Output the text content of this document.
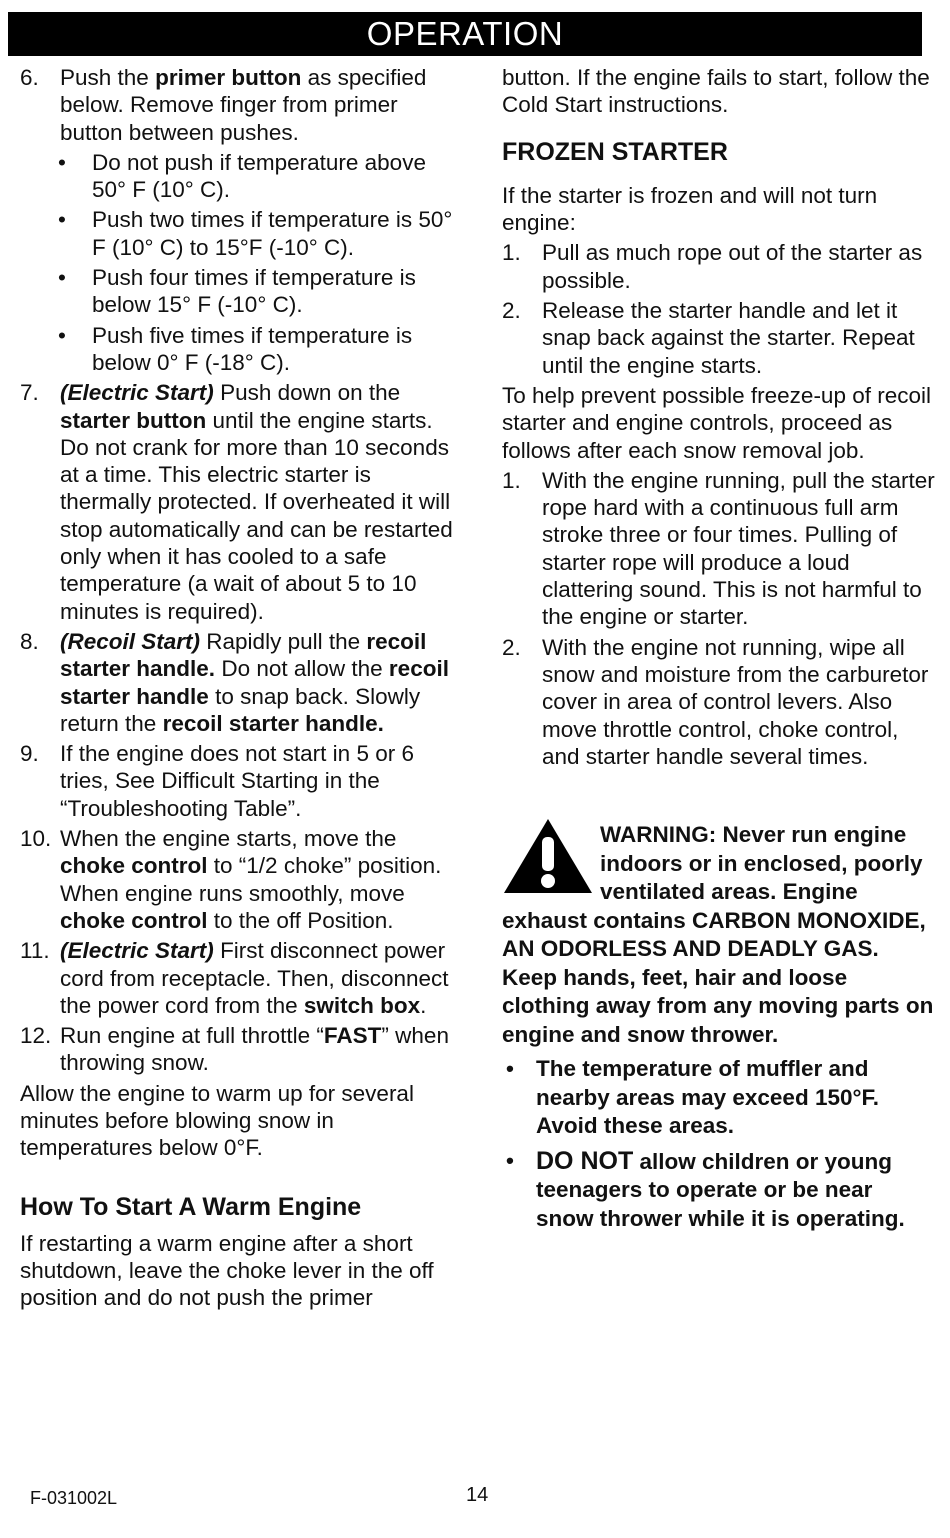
OPERATION
6. Push the primer button as specified below. Remove finger from primer button between pushes.
• Do not push if temperature above 50° F (10° C).
• Push two times if temperature is 50° F (10° C) to 15°F (-10° C).
• Push four times if temperature is below 15° F (-10° C).
• Push five times if temperature is below 0° F (-18° C).
7. (Electric Start) Push down on the starter button until the engine starts. Do not crank for more than 10 seconds at a time. This electric starter is thermally protected. If overheated it will stop automatically and can be restarted only when it has cooled to a safe temperature (a wait of about 5 to 10 minutes is required).
8. (Recoil Start) Rapidly pull the recoil starter handle. Do not allow the recoil starter handle to snap back. Slowly return the recoil starter handle.
9. If the engine does not start in 5 or 6 tries, See Difficult Starting in the “Troubleshooting Table”.
10. When the engine starts, move the choke control to “1/2 choke” position. When engine runs smoothly, move choke control to the off Position.
11. (Electric Start) First disconnect power cord from receptacle. Then, disconnect the power cord from the switch box.
12. Run engine at full throttle “FAST” when throwing snow.
Allow the engine to warm up for several minutes before blowing snow in temperatures below 0°F.
How To Start A Warm Engine
If restarting a warm engine after a short shutdown, leave the choke lever in the off position and do not push the primer
button. If the engine fails to start, follow the Cold Start instructions.
FROZEN STARTER
If the starter is frozen and will not turn engine:
1. Pull as much rope out of the starter as possible.
2. Release the starter handle and let it snap back against the starter. Repeat until the engine starts.
To help prevent possible freeze-up of recoil starter and engine controls, proceed as follows after each snow removal job.
1. With the engine running, pull the starter rope hard with a continuous full arm stroke three or four times. Pulling of starter rope will produce a loud clattering sound. This is not harmful to the engine or starter.
2. With the engine not running, wipe all snow and moisture from the carburetor cover in area of control levers. Also move throttle control, choke control, and starter handle several times.
WARNING: Never run engine indoors or in enclosed, poorly ventilated areas. Engine exhaust contains CARBON MONOXIDE, AN ODORLESS AND DEADLY GAS. Keep hands, feet, hair and loose clothing away from any moving parts on engine and snow thrower.
• The temperature of muffler and nearby areas may exceed 150°F. Avoid these areas.
• DO NOT allow children or young teenagers to operate or be near snow thrower while it is operating.
F-031002L	14
